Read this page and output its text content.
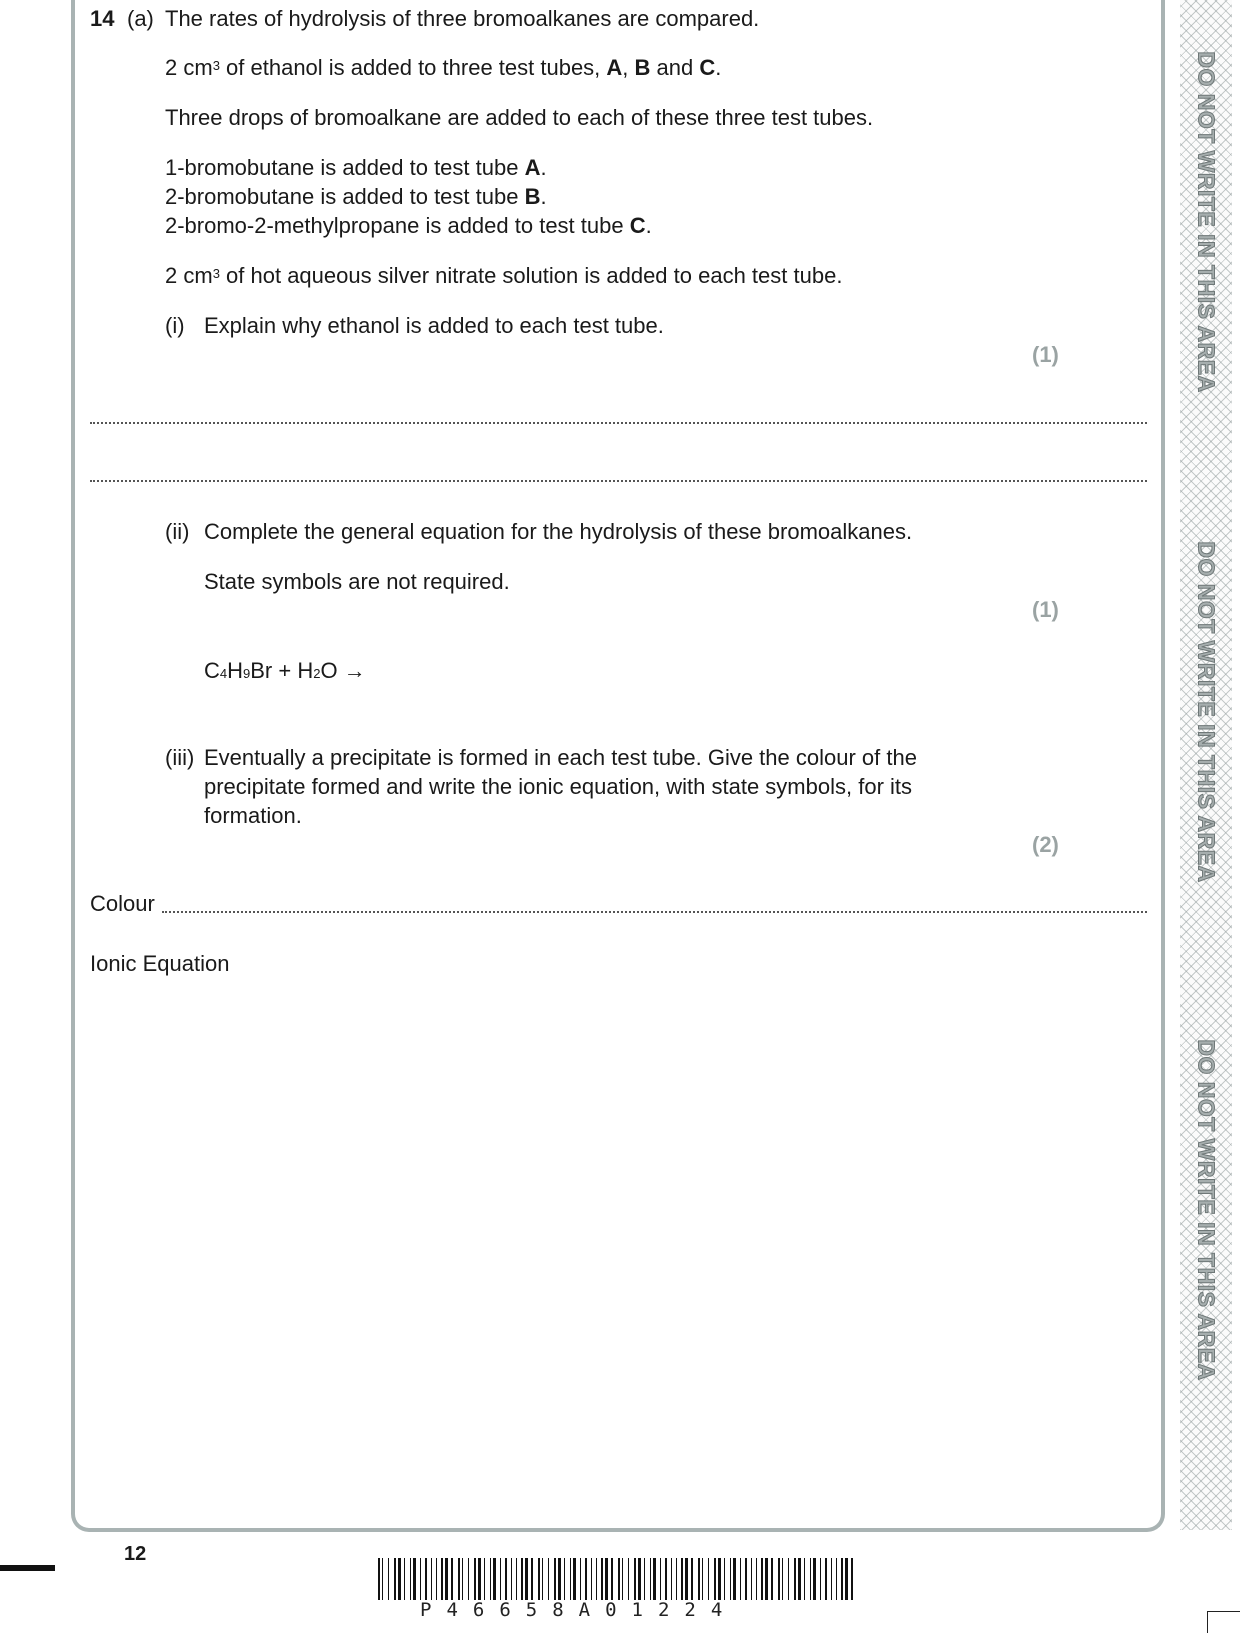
DO NOT WRITE IN THIS AREA
DO NOT WRITE IN THIS AREA
DO NOT WRITE IN THIS AREA
14 (a) The rates of hydrolysis of three bromoalkanes are compared.
2 $cm^3$ of ethanol is added to three test tubes, A, B and C.
Three drops of bromoalkane are added to each of these three test tubes.
1-bromobutane is added to test tube A.
2-bromobutane is added to test tube B.
2-bromo-2-methylpropane is added to test tube C.
2 $cm^3$ of hot aqueous silver nitrate solution is added to each test tube.
(i) Explain why ethanol is added to each test tube.
(1)
(ii) Complete the general equation for the hydrolysis of these bromoalkanes.
State symbols are not required.
(1)
$C_4H_9Br + H_2O$ →
(iii) Eventually a precipitate is formed in each test tube. Give the colour of the
precipitate formed and write the ionic equation, with state symbols, for its
formation.
(2)
Colour
Ionic Equation
12
P46658A01224
